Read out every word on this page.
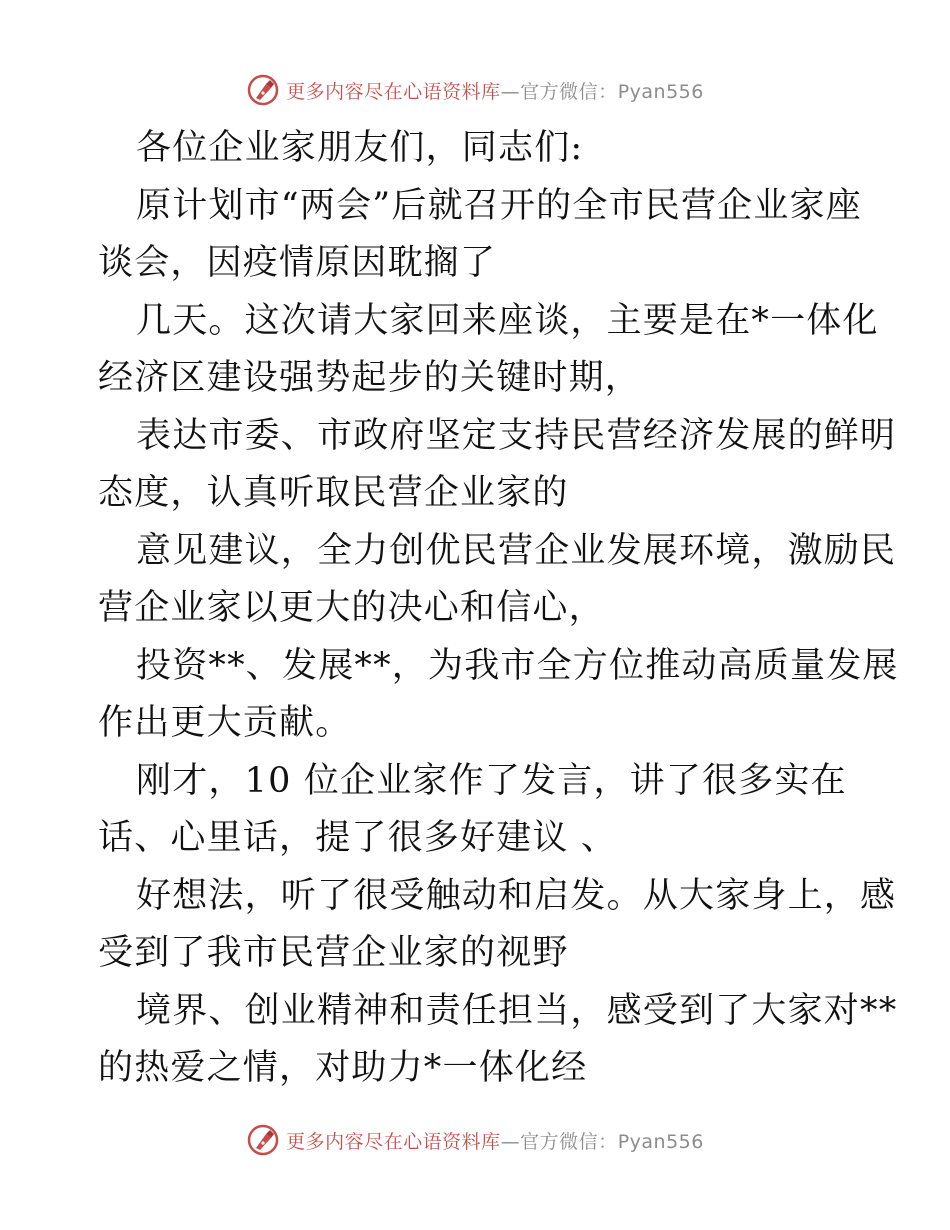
更多内容尽在心语资料库—官方微信：Pyan556
各位企业家朋友们，同志们:
原计划市“两会”后就召开的全市民营企业家座
谈会，因疫情原因耽搁了
几天。这次请大家回来座谈，主要是在*一体化
经济区建设强势起步的关键时期，
表达市委、市政府坚定支持民营经济发展的鲜明
态度，认真听取民营企业家的
意见建议，全力创优民营企业发展环境，激励民
营企业家以更大的决心和信心，
投资**、发展**，为我市全方位推动高质量发展
作出更大贡献。
刚才，10 位企业家作了发言，讲了很多实在
话、心里话，提了很多好建议 、
好想法，听了很受触动和启发。从大家身上，感
受到了我市民营企业家的视野
境界、创业精神和责任担当，感受到了大家对**
的热爱之情，对助力*一体化经
更多内容尽在心语资料库—官方微信：Pyan556
